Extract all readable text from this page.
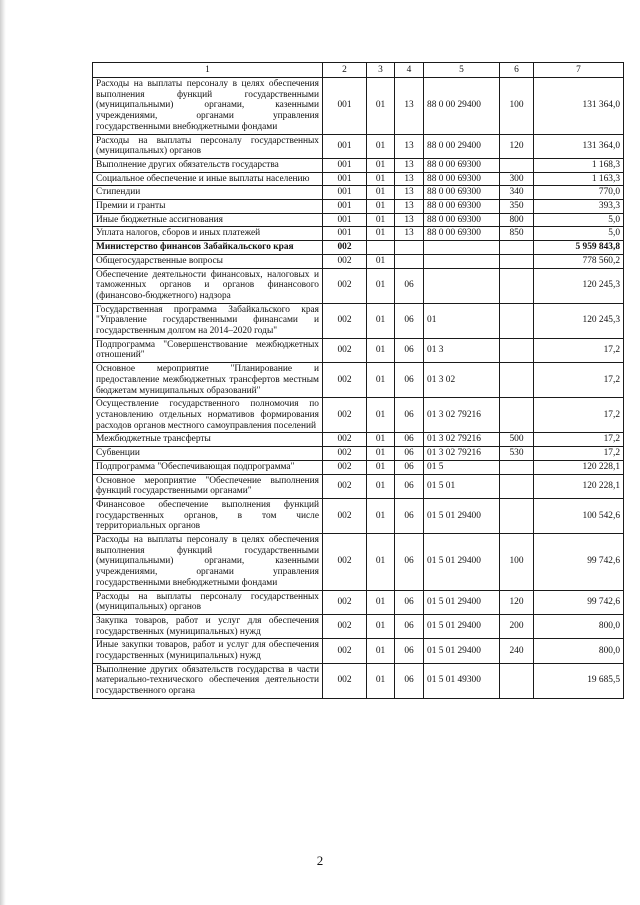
1	2	3	4	5	6	7
Расходы на выплаты персоналу в целях обеспечения выполнения функций государственными (муниципальными) органами, казенными учреждениями, органами управления государственными внебюджетными фондами	001	01	13	88 0 00 29400	100	131 364,0
Расходы на выплаты персоналу государственных (муниципальных) органов	001	01	13	88 0 00 29400	120	131 364,0
Выполнение других обязательств государства	001	01	13	88 0 00 69300		1 168,3
Социальное обеспечение и иные выплаты населению	001	01	13	88 0 00 69300	300	1 163,3
Стипендии	001	01	13	88 0 00 69300	340	770,0
Премии и гранты	001	01	13	88 0 00 69300	350	393,3
Иные бюджетные ассигнования	001	01	13	88 0 00 69300	800	5,0
Уплата налогов, сборов и иных платежей	001	01	13	88 0 00 69300	850	5,0
Министерство финансов Забайкальского края	002					5 959 843,8
Общегосударственные вопросы	002	01				778 560,2
Обеспечение деятельности финансовых, налоговых и таможенных органов и органов финансового (финансово-бюджетного) надзора	002	01	06			120 245,3
Государственная программа Забайкальского края "Управление государственными финансами и государственным долгом на 2014–2020 годы"	002	01	06	01		120 245,3
Подпрограмма "Совершенствование межбюджетных отношений"	002	01	06	01 3		17,2
Основное мероприятие "Планирование и предоставление межбюджетных трансфертов местным бюджетам муниципальных образований"	002	01	06	01 3 02		17,2
Осуществление государственного полномочия по установлению отдельных нормативов формирования расходов органов местного самоуправления поселений	002	01	06	01 3 02 79216		17,2
Межбюджетные трансферты	002	01	06	01 3 02 79216	500	17,2
Субвенции	002	01	06	01 3 02 79216	530	17,2
Подпрограмма "Обеспечивающая подпрограмма"	002	01	06	01 5		120 228,1
Основное мероприятие "Обеспечение выполнения функций государственными органами"	002	01	06	01 5 01		120 228,1
Финансовое обеспечение выполнения функций государственных органов, в том числе территориальных органов	002	01	06	01 5 01 29400		100 542,6
Расходы на выплаты персоналу в целях обеспечения выполнения функций государственными (муниципальными) органами, казенными учреждениями, органами управления государственными внебюджетными фондами	002	01	06	01 5 01 29400	100	99 742,6
Расходы на выплаты персоналу государственных (муниципальных) органов	002	01	06	01 5 01 29400	120	99 742,6
Закупка товаров, работ и услуг для обеспечения государственных (муниципальных) нужд	002	01	06	01 5 01 29400	200	800,0
Иные закупки товаров, работ и услуг для обеспечения государственных (муниципальных) нужд	002	01	06	01 5 01 29400	240	800,0
Выполнение других обязательств государства в части материально-технического обеспечения деятельности государственного органа	002	01	06	01 5 01 49300		19 685,5
2
